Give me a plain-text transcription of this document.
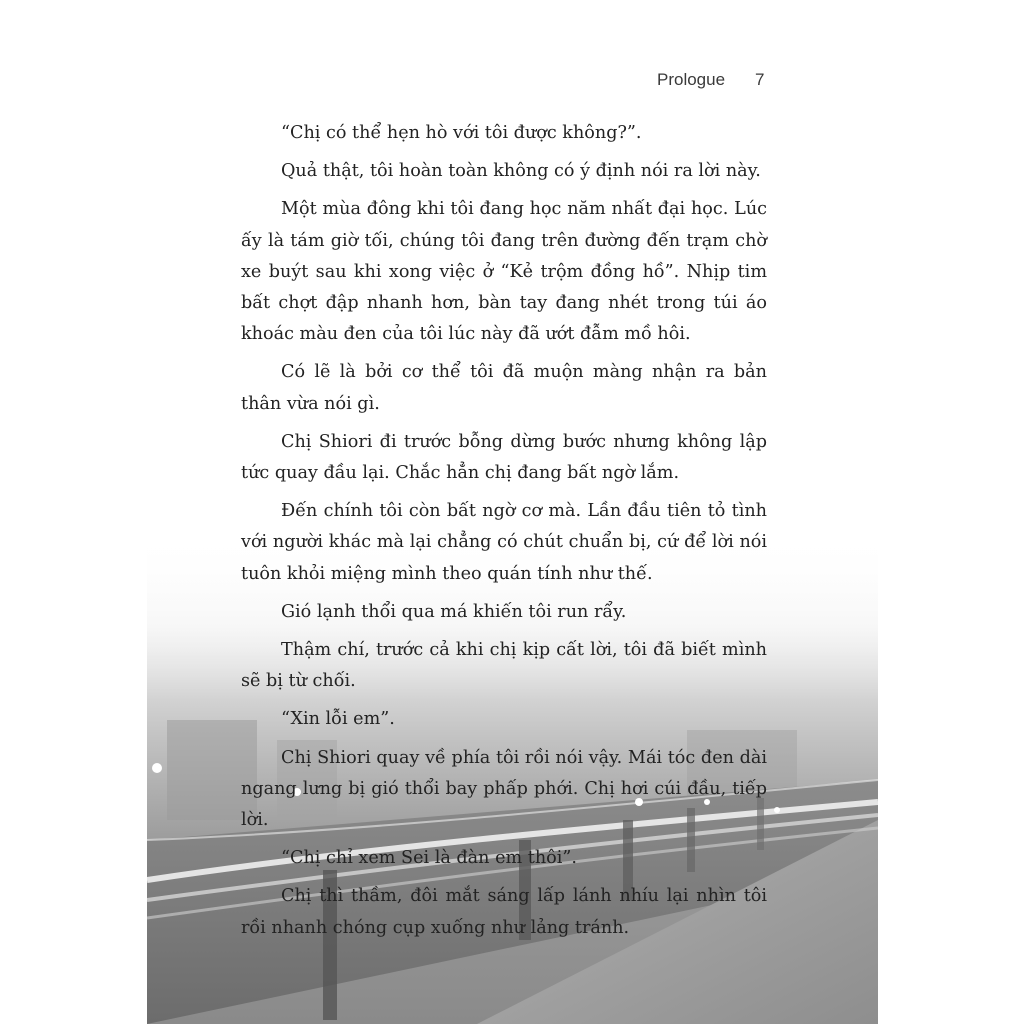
Prologue 7

“Chị có thể hẹn hò với tôi được không?”.

Quả thật, tôi hoàn toàn không có ý định nói ra lời này.

Một mùa đông khi tôi đang học năm nhất đại học. Lúc ấy là tám giờ tối, chúng tôi đang trên đường đến trạm chờ xe buýt sau khi xong việc ở “Kẻ trộm đồng hồ”. Nhịp tim bất chợt đập nhanh hơn, bàn tay đang nhét trong túi áo khoác màu đen của tôi lúc này đã ướt đẫm mồ hôi.

Có lẽ là bởi cơ thể tôi đã muộn màng nhận ra bản thân vừa nói gì.

Chị Shiori đi trước bỗng dừng bước nhưng không lập tức quay đầu lại. Chắc hẳn chị đang bất ngờ lắm.

Đến chính tôi còn bất ngờ cơ mà. Lần đầu tiên tỏ tình với người khác mà lại chẳng có chút chuẩn bị, cứ để lời nói tuôn khỏi miệng mình theo quán tính như thế.

Gió lạnh thổi qua má khiến tôi run rẩy.

Thậm chí, trước cả khi chị kịp cất lời, tôi đã biết mình sẽ bị từ chối.

“Xin lỗi em”.

Chị Shiori quay về phía tôi rồi nói vậy. Mái tóc đen dài ngang lưng bị gió thổi bay phấp phới. Chị hơi cúi đầu, tiếp lời.

“Chị chỉ xem Sei là đàn em thôi”.

Chị thì thầm, đôi mắt sáng lấp lánh nhíu lại nhìn tôi rồi nhanh chóng cụp xuống như lảng tránh.
